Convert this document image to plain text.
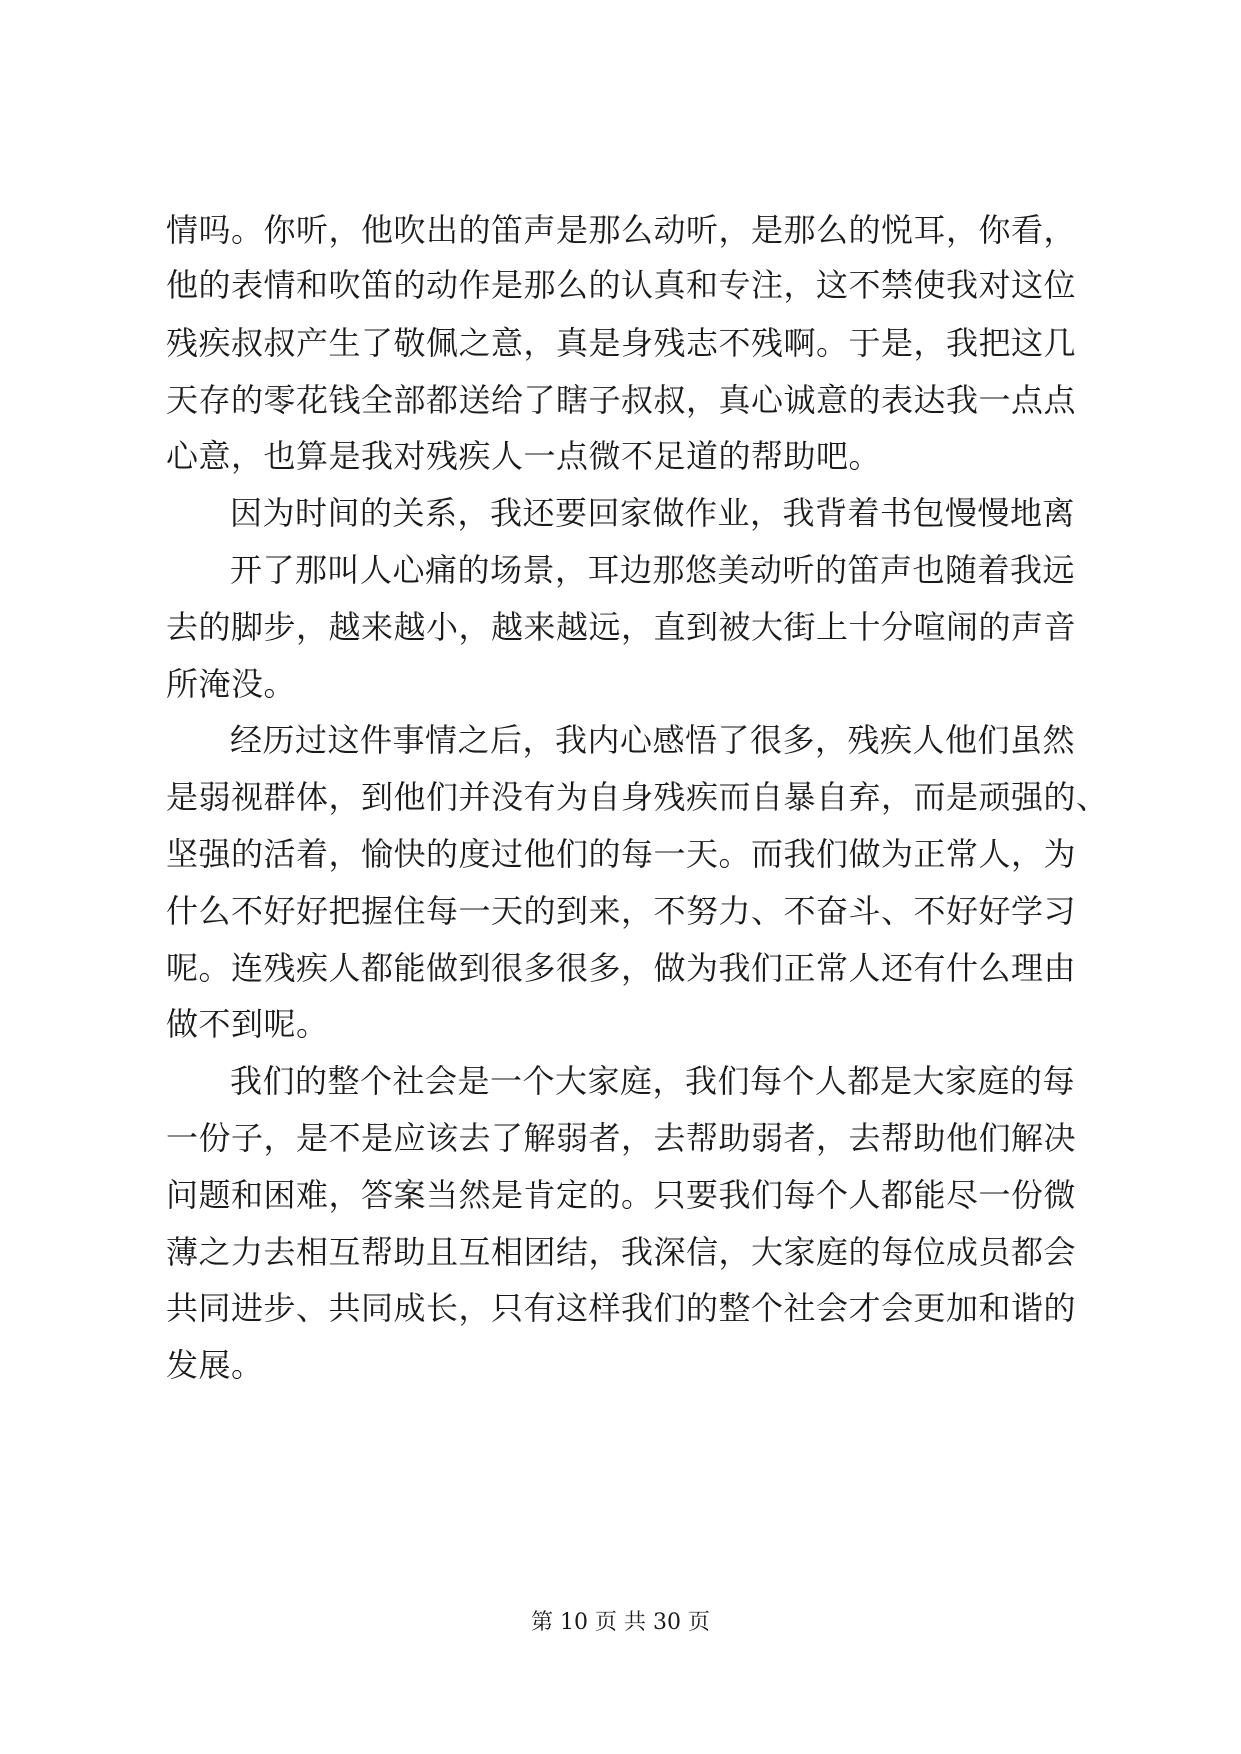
情吗。你听，他吹出的笛声是那么动听，是那么的悦耳，你看，
他的表情和吹笛的动作是那么的认真和专注，这不禁使我对这位
残疾叔叔产生了敬佩之意，真是身残志不残啊。于是，我把这几
天存的零花钱全部都送给了瞎子叔叔，真心诚意的表达我一点点
心意，也算是我对残疾人一点微不足道的帮助吧。
因为时间的关系，我还要回家做作业，我背着书包慢慢地离
开了那叫人心痛的场景，耳边那悠美动听的笛声也随着我远
去的脚步，越来越小，越来越远，直到被大街上十分喧闹的声音
所淹没。
经历过这件事情之后，我内心感悟了很多，残疾人他们虽然
是弱视群体，到他们并没有为自身残疾而自暴自弃，而是顽强的、
坚强的活着，愉快的度过他们的每一天。而我们做为正常人，为
什么不好好把握住每一天的到来，不努力、不奋斗、不好好学习
呢。连残疾人都能做到很多很多，做为我们正常人还有什么理由
做不到呢。
我们的整个社会是一个大家庭，我们每个人都是大家庭的每
一份子，是不是应该去了解弱者，去帮助弱者，去帮助他们解决
问题和困难，答案当然是肯定的。只要我们每个人都能尽一份微
薄之力去相互帮助且互相团结，我深信，大家庭的每位成员都会
共同进步、共同成长，只有这样我们的整个社会才会更加和谐的
发展。
第 10 页 共 30 页
